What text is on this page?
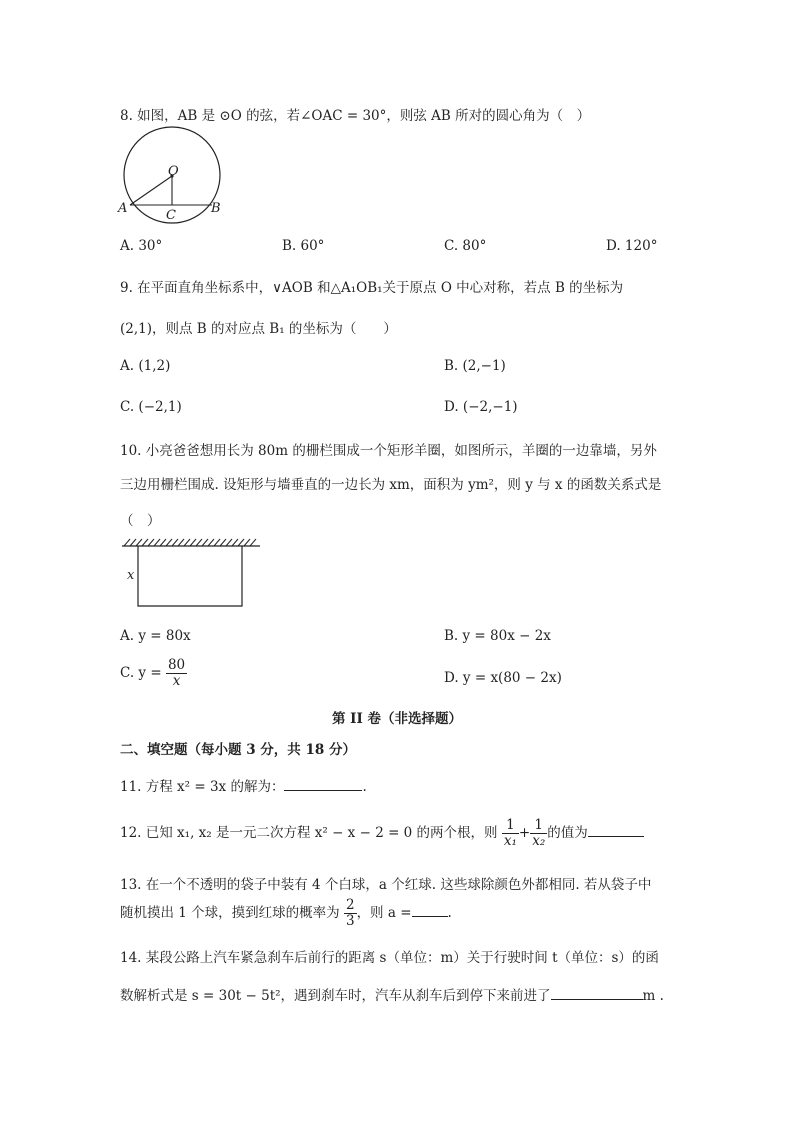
8. 如图，AB 是 ⊙O 的弦，若∠OAC = 30°，则弦 AB 所对的圆心角为（　）
O
A	B
C
A. 30°	B. 60°	C. 80°	D. 120°
9. 在平面直角坐标系中，∨AOB 和△A₁OB₁关于原点 O 中心对称，若点 B 的坐标为
(2,1)，则点 B 的对应点 B₁ 的坐标为（　　）
A. (1,2)	B. (2,−1)
C. (−2,1)	D. (−2,−1)
10. 小亮爸爸想用长为 80m 的栅栏围成一个矩形羊圈，如图所示，羊圈的一边靠墙，另外
三边用栅栏围成. 设矩形与墙垂直的一边长为 xm，面积为 ym²，则 y 与 x 的函数关系式是
（　）
x
A. y = 80x	B. y = 80x − 2x
C. $y = \frac{80}{x}$	D. y = x(80 − 2x)
第 II 卷（非选择题）
二、填空题（每小题 3 分，共 18 分）
11. 方程 x² = 3x 的解为：	.
12. 已知 x₁, x₂ 是一元二次方程 x² − x − 2 = 0 的两个根，则 $\frac{1}{\text{x₁}} + \frac{1}{\text{x₂}}$ 的值为
13. 在一个不透明的袋子中装有 4 个白球，a 个红球. 这些球除颜色外都相同. 若从袋子中
随机摸出 1 个球，摸到红球的概率为 $\frac{2}{3}$ ，则 a =	.
14. 某段公路上汽车紧急刹车后前行的距离 s（单位：m）关于行驶时间 t（单位：s）的函
数解析式是 s = 30t − 5t²，遇到刹车时，汽车从刹车后到停下来前进了	m .
